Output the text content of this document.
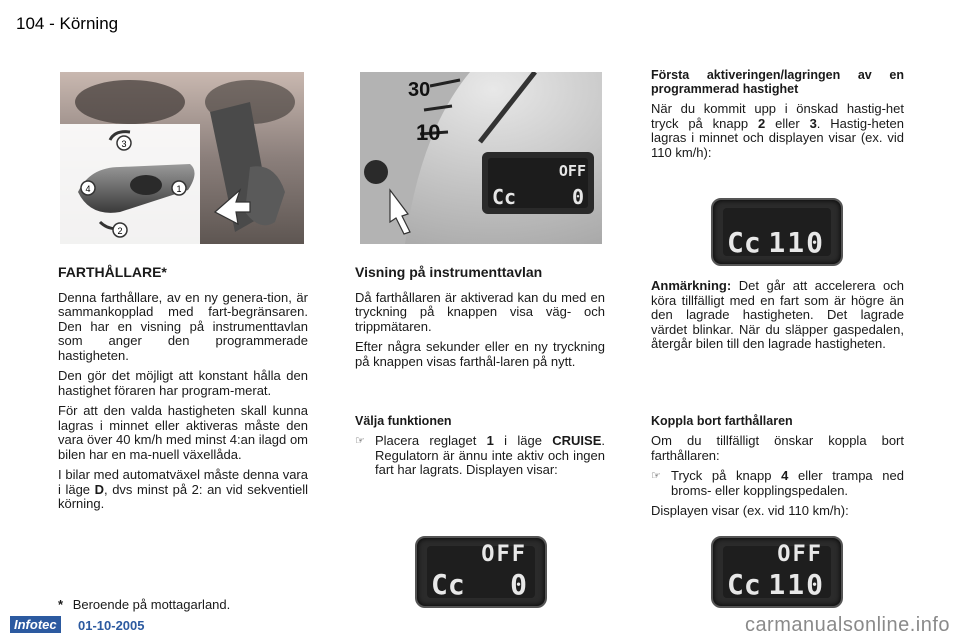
104 - Körning
3
4	1
2
30
10
OFF
Cc	0
FARTHÅLLARE*

Denna farthållare, av en ny genera-tion, är sammankopplad med fart-begränsaren. Den har en visning på instrumenttavlan som anger den programmerade hastigheten.

Den gör det möjligt att konstant hålla den hastighet föraren har program-merat.

För att den valda hastigheten skall kunna lagras i minnet eller aktiveras måste den vara över 40 km/h med minst 4:an ilagd om bilen har en ma-nuell växellåda.

I bilar med automatväxel måste denna vara i läge D, dvs minst på 2: an vid sekventiell körning.

* Beroende på mottagarland.
Visning på instrumenttavlan

Då farthållaren är aktiverad kan du med en tryckning på knappen visa väg- och trippmätaren.

Efter några sekunder eller en ny tryckning på knappen visas farthål-laren på nytt.

Välja funktionen
☞ Placera reglaget 1 i läge CRUISE. Regulatorn är ännu inte aktiv och ingen fart har lagrats. Displayen visar:
Första aktiveringen/lagringen av en programmerad hastighet

När du kommit upp i önskad hastig-het tryck på knapp 2 eller 3. Hastig-heten lagras i minnet och displayen visar (ex. vid 110 km/h):

Anmärkning: Det går att accelerera och köra tillfälligt med en fart som är högre än den lagrade hastigheten. Det lagrade värdet blinkar. När du släpper gaspedalen, återgår bilen till den lagrade hastigheten.

Koppla bort farthållaren

Om du tillfälligt önskar koppla bort farthållaren:

☞ Tryck på knapp 4 eller trampa ned broms- eller kopplingspedalen.

Displayen visar (ex. vid 110 km/h):

Cc 110
OFF
Cc 0
OFF
Cc 110
Infotec	01-10-2005	carmanualsonline.info
